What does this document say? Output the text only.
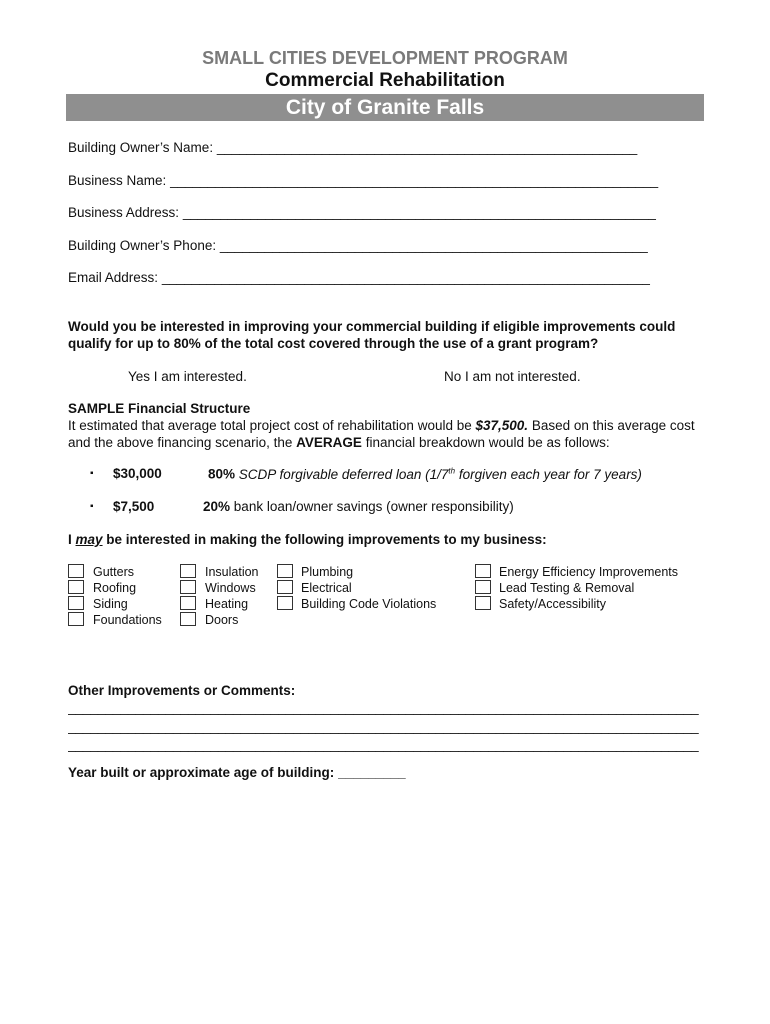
SMALL CITIES DEVELOPMENT PROGRAM
Commercial Rehabilitation
City of Granite Falls
Building Owner’s Name: ________________________________________________________
Business Name: _________________________________________________________________
Business Address: _______________________________________________________________
Building Owner’s Phone: _________________________________________________________
Email Address: _________________________________________________________________
Would you be interested in improving your commercial building if eligible improvements could qualify for up to 80% of the total cost covered through the use of a grant program?
Yes I am interested.	No I am not interested.
SAMPLE Financial Structure
It estimated that average total project cost of rehabilitation would be $37,500. Based on this average cost and the above financing scenario, the AVERAGE financial breakdown would be as follows:
▪ $30,000	80% SCDP forgivable deferred loan (1/7th forgiven each year for 7 years)
▪ $7,500	20% bank loan/owner savings (owner responsibility)
I may be interested in making the following improvements to my business:
Gutters
Roofing
Siding
Foundations
Insulation
Windows
Heating
Doors
Plumbing
Electrical
Building Code Violations
Energy Efficiency Improvements
Lead Testing & Removal
Safety/Accessibility
Other Improvements or Comments:
____________________________________________________________________________________
____________________________________________________________________________________
____________________________________________________________________________________
Year built or approximate age of building: _________
